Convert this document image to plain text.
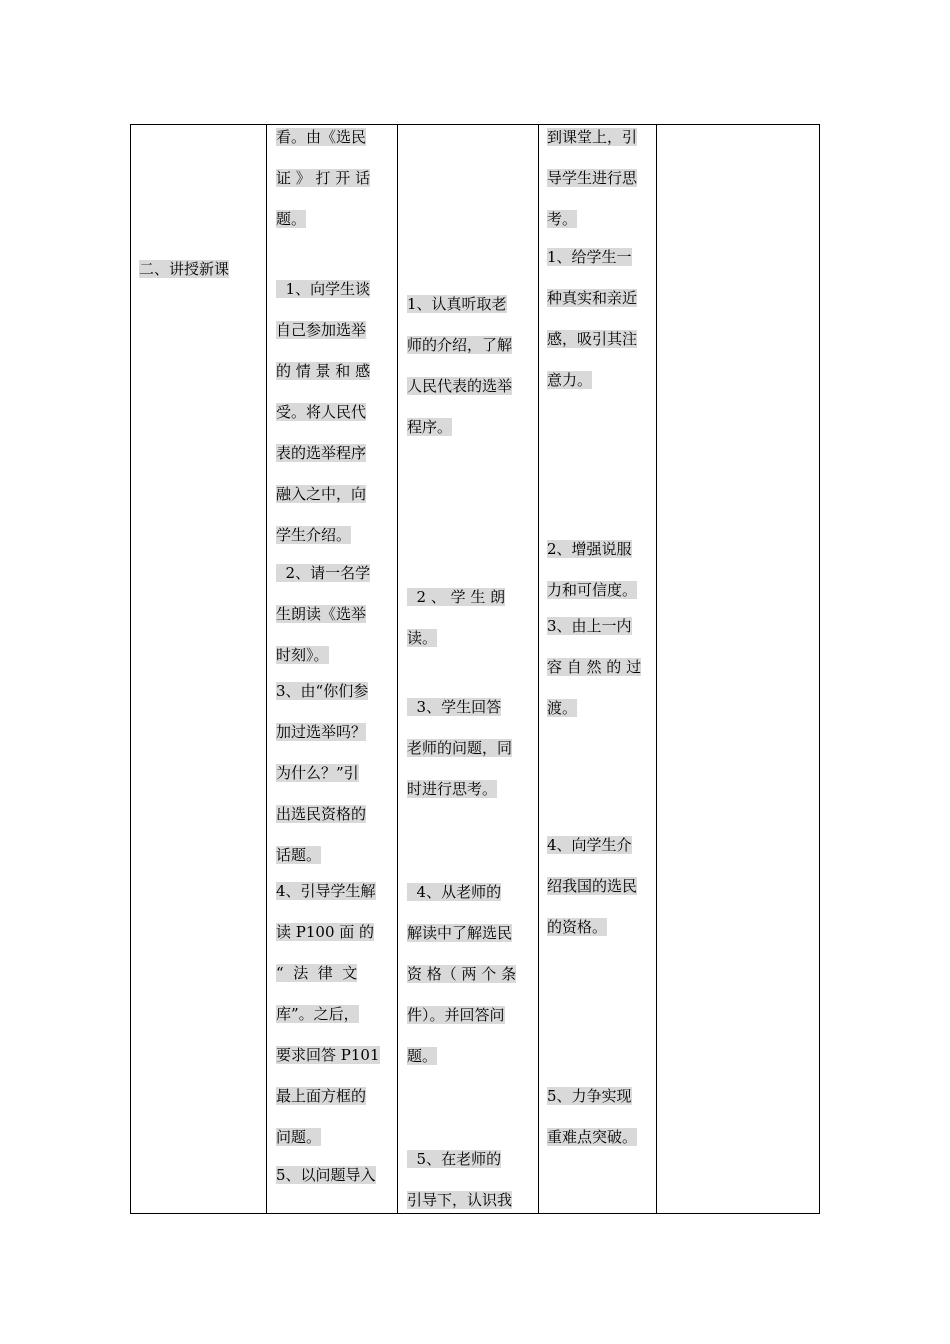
二、讲授新课

看。由《选民

证 》 打 开 话

题。

1、向学生谈

自己参加选举

的 情 景 和 感

受。将人民代

表的选举程序

融入之中，向

学生介绍。

2、请一名学

生朗读《选举

时刻》。

3、由“你们参

加过选举吗？

为什么？”引

出选民资格的

话题。

4、引导学生解

读 P100 面 的

“  法  律  文

库”。之后，

要求回答 P101

最上面方框的

问题。

5、以问题导入

1、认真听取老

师的介绍，了解

人民代表的选举

程序。

2 、 学 生 朗

读。

3、学生回答

老师的问题，同

时进行思考。

4、从老师的

解读中了解选民

资 格（ 两 个 条

件）。并回答问

题。

5、在老师的

引导下，认识我

到课堂上，引

导学生进行思

考。

1、给学生一

种真实和亲近

感，吸引其注

意力。

2、增强说服

力和可信度。

3、由上一内

容 自 然 的 过

渡。

4、向学生介

绍我国的选民

的资格。

5、力争实现

重难点突破。
